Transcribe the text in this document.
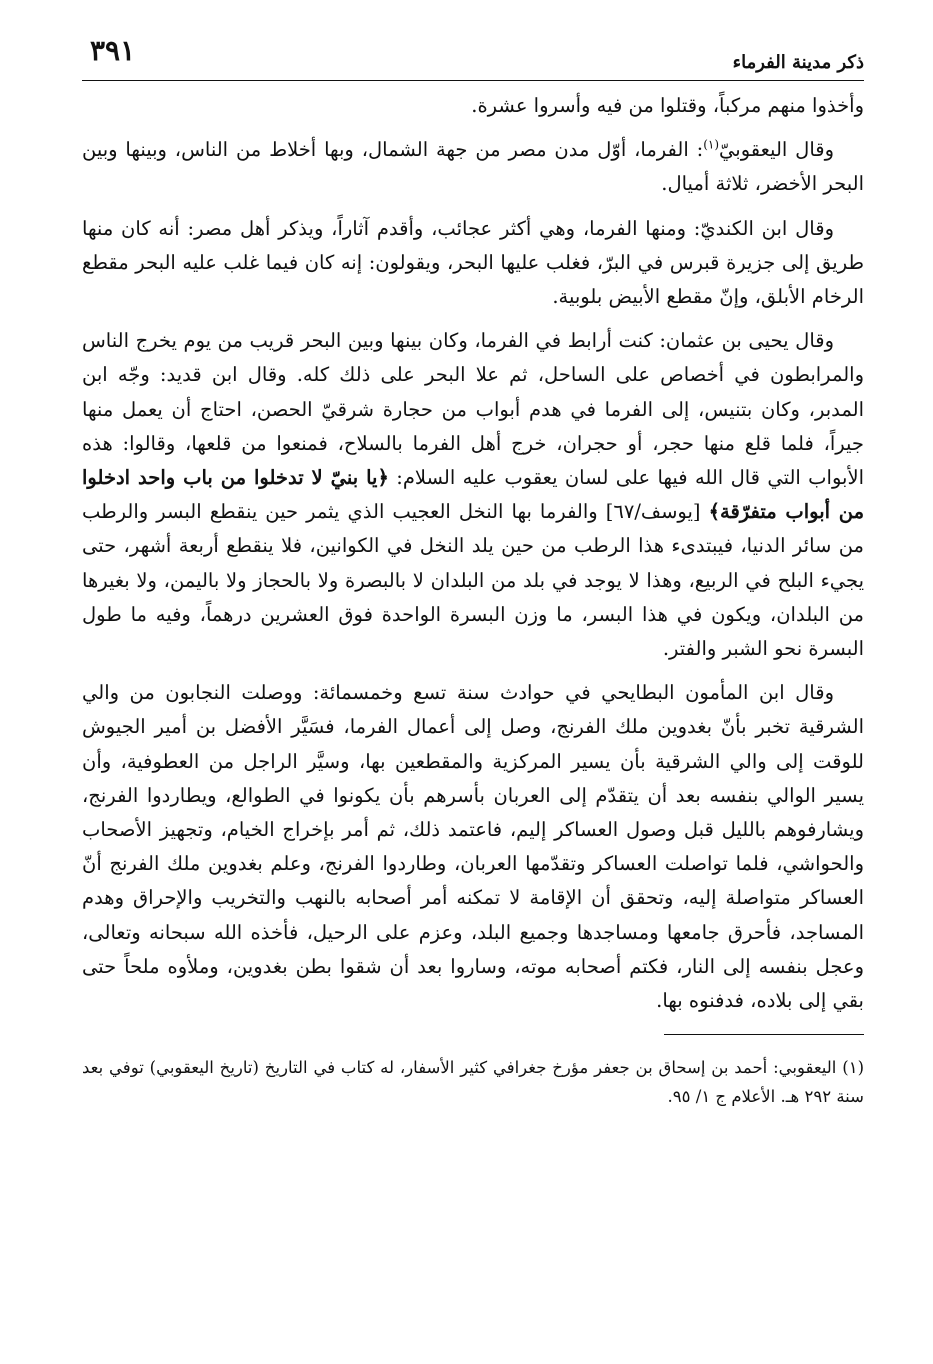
ذكر مدينة الفرماء
٣٩١

وأخذوا منهم مركباً، وقتلوا من فيه وأسروا عشرة.

وقال اليعقوبيّ$^{(١)}$: الفرما، أوّل مدن مصر من جهة الشمال، وبها أخلاط من الناس، وبينها وبين البحر الأخضر، ثلاثة أميال.

وقال ابن الكنديّ: ومنها الفرما، وهي أكثر عجائب، وأقدم آثاراً، ويذكر أهل مصر: أنه كان منها طريق إلى جزيرة قبرس في البرّ، فغلب عليها البحر، ويقولون: إنه كان فيما غلب عليه البحر مقطع الرخام الأبلق، وإنّ مقطع الأبيض بلوبية.

وقال يحيى بن عثمان: كنت أرابط في الفرما، وكان بينها وبين البحر قريب من يوم يخرج الناس والمرابطون في أخصاص على الساحل، ثم علا البحر على ذلك كله. وقال ابن قديد: وجّه ابن المدبر، وكان بتنيس، إلى الفرما في هدم أبواب من حجارة شرقيّ الحصن، احتاج أن يعمل منها جيراً، فلما قلع منها حجر، أو حجران، خرج أهل الفرما بالسلاح، فمنعوا من قلعها، وقالوا: هذه الأبواب التي قال الله فيها على لسان يعقوب عليه السلام: ﴿يا بنيّ لا تدخلوا من باب واحد ادخلوا من أبواب متفرّقة﴾ [يوسف/٦٧] والفرما بها النخل العجيب الذي يثمر حين ينقطع البسر والرطب من سائر الدنيا، فيبتدىء هذا الرطب من حين يلد النخل في الكوانين، فلا ينقطع أربعة أشهر، حتى يجيء البلح في الربيع، وهذا لا يوجد في بلد من البلدان لا بالبصرة ولا بالحجاز ولا باليمن، ولا بغيرها من البلدان، ويكون في هذا البسر، ما وزن البسرة الواحدة فوق العشرين درهماً، وفيه ما طول البسرة نحو الشبر والفتر.

وقال ابن المأمون البطايحي في حوادث سنة تسع وخمسمائة: ووصلت النجابون من والي الشرقية تخبر بأنّ بغدوين ملك الفرنج، وصل إلى أعمال الفرما، فسَيَّر الأفضل بن أمير الجيوش للوقت إلى والي الشرقية بأن يسير المركزية والمقطعين بها، وسيَّر الراجل من العطوفية، وأن يسير الوالي بنفسه بعد أن يتقدّم إلى العربان بأسرهم بأن يكونوا في الطوالع، ويطاردوا الفرنج، ويشارفوهم بالليل قبل وصول العساكر إليم، فاعتمد ذلك، ثم أمر بإخراج الخيام، وتجهيز الأصحاب والحواشي، فلما تواصلت العساكر وتقدّمها العربان، وطاردوا الفرنج، وعلم بغدوين ملك الفرنج أنّ العساكر متواصلة إليه، وتحقق أن الإقامة لا تمكنه أمر أصحابه بالنهب والتخريب والإحراق وهدم المساجد، فأحرق جامعها ومساجدها وجميع البلد، وعزم على الرحيل، فأخذه الله سبحانه وتعالى، وعجل بنفسه إلى النار، فكتم أصحابه موته، وساروا بعد أن شقوا بطن بغدوين، وملأوه ملحاً حتى بقي إلى بلاده، فدفنوه بها.

(١) اليعقوبي: أحمد بن إسحاق بن جعفر مؤرخ جغرافي كثير الأسفار، له كتاب في التاريخ (تاريخ اليعقوبي) توفي بعد سنة ٢٩٢ هـ. الأعلام ج ١/ ٩٥.
